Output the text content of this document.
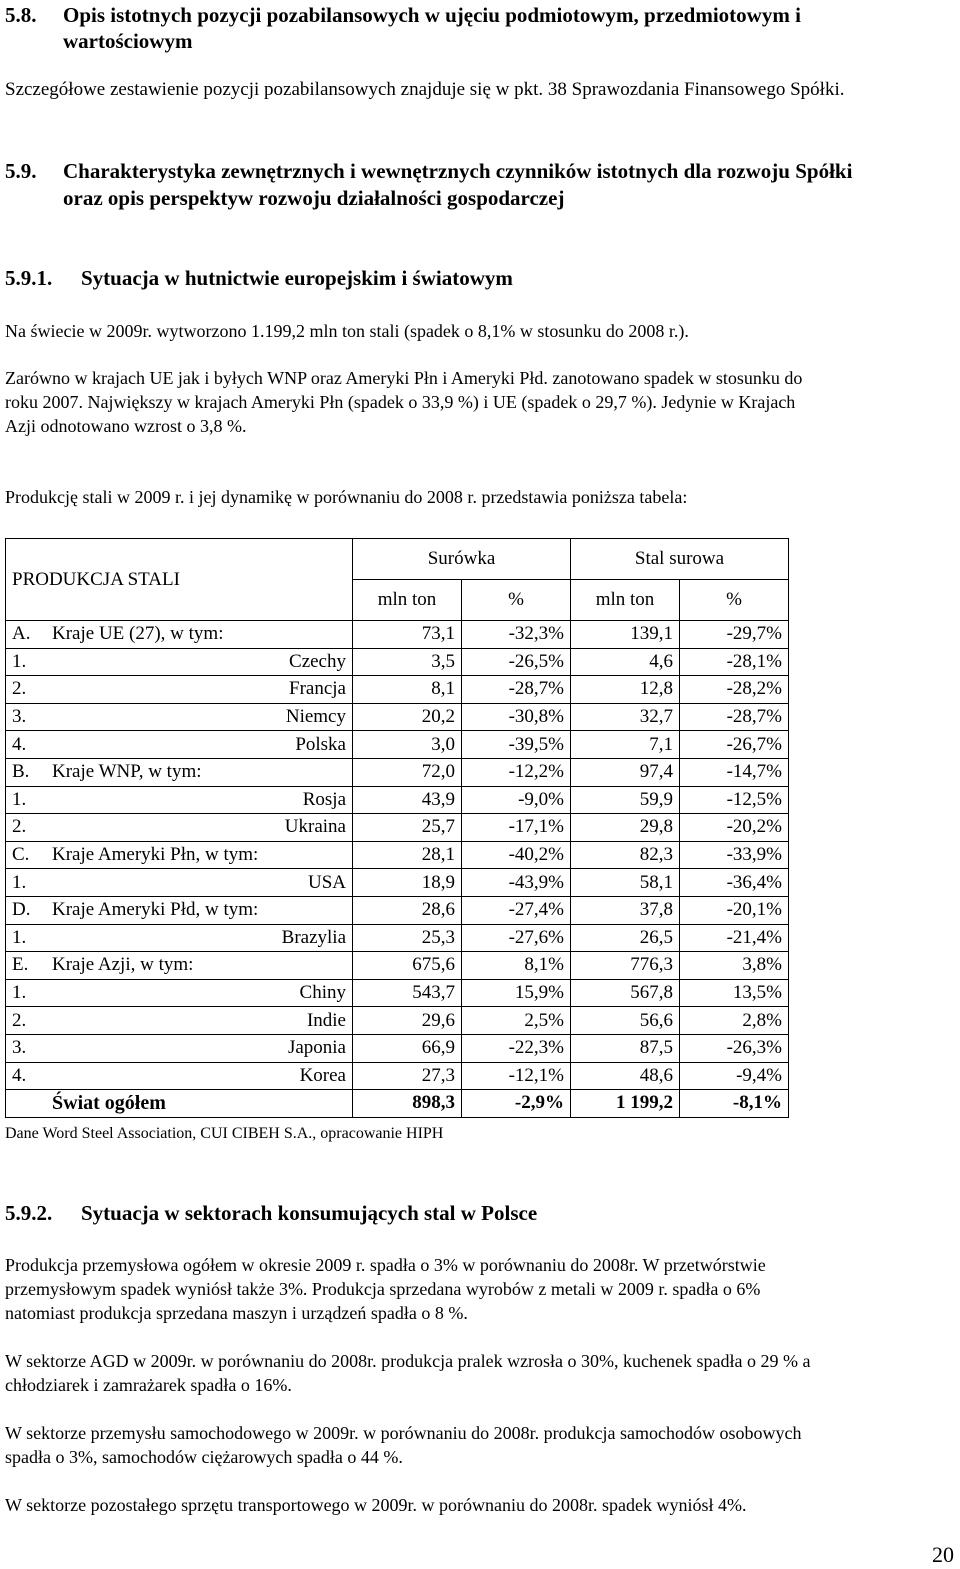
5.8. Opis istotnych pozycji pozabilansowych w ujęciu podmiotowym, przedmiotowym i
wartościowym
Szczegółowe zestawienie pozycji pozabilansowych znajduje się w pkt. 38 Sprawozdania Finansowego Spółki.
5.9. Charakterystyka zewnętrznych i wewnętrznych czynników istotnych dla rozwoju Spółki
oraz opis perspektyw rozwoju działalności gospodarczej
5.9.1. Sytuacja w hutnictwie europejskim i światowym
Na świecie w 2009r. wytworzono 1.199,2 mln ton stali (spadek o 8,1% w stosunku do 2008 r.).
Zarówno w krajach UE jak i byłych WNP oraz Ameryki Płn i Ameryki Płd. zanotowano spadek w stosunku do
roku 2007. Największy w krajach Ameryki Płn (spadek o 33,9 %) i UE (spadek o 29,7 %). Jedynie w Krajach
Azji odnotowano wzrost o 3,8 %.
Produkcję stali w 2009 r. i jej dynamikę w porównaniu do 2008 r. przedstawia poniższa tabela:
PRODUKCJA STALI		Surówka		Stal surowa	
		mln ton	%	mln ton	%
A.	Kraje UE (27), w tym:	73,1	-32,3%	139,1	-29,7%
1.	Czechy	3,5	-26,5%	4,6	-28,1%
2.	Francja	8,1	-28,7%	12,8	-28,2%
3.	Niemcy	20,2	-30,8%	32,7	-28,7%
4.	Polska	3,0	-39,5%	7,1	-26,7%
B.	Kraje WNP, w tym:	72,0	-12,2%	97,4	-14,7%
1.	Rosja	43,9	-9,0%	59,9	-12,5%
2.	Ukraina	25,7	-17,1%	29,8	-20,2%
C.	Kraje Ameryki Płn, w tym:	28,1	-40,2%	82,3	-33,9%
1.	USA	18,9	-43,9%	58,1	-36,4%
D.	Kraje Ameryki Płd, w tym:	28,6	-27,4%	37,8	-20,1%
1.	Brazylia	25,3	-27,6%	26,5	-21,4%
E.	Kraje Azji, w tym:	675,6	8,1%	776,3	3,8%
1.	Chiny	543,7	15,9%	567,8	13,5%
2.	Indie	29,6	2,5%	56,6	2,8%
3.	Japonia	66,9	-22,3%	87,5	-26,3%
4.	Korea	27,3	-12,1%	48,6	-9,4%
	Świat ogółem	898,3	-2,9%	1 199,2	-8,1%
Dane Word Steel Association, CUI CIBEH S.A., opracowanie HIPH
5.9.2. Sytuacja w sektorach konsumujących stal w Polsce
Produkcja przemysłowa ogółem w okresie 2009 r. spadła o 3% w porównaniu do 2008r. W przetwórstwie
przemysłowym spadek wyniósł także 3%. Produkcja sprzedana wyrobów z metali w 2009 r. spadła o 6%
natomiast produkcja sprzedana maszyn i urządzeń spadła o 8 %.
W sektorze AGD w 2009r. w porównaniu do 2008r. produkcja pralek wzrosła o 30%, kuchenek spadła o 29 % a
chłodziarek i zamrażarek spadła o 16%.
W sektorze przemysłu samochodowego w 2009r. w porównaniu do 2008r. produkcja samochodów osobowych
spadła o 3%, samochodów ciężarowych spadła o 44 %.
W sektorze pozostałego sprzętu transportowego w 2009r. w porównaniu do 2008r. spadek wyniósł 4%.
20
